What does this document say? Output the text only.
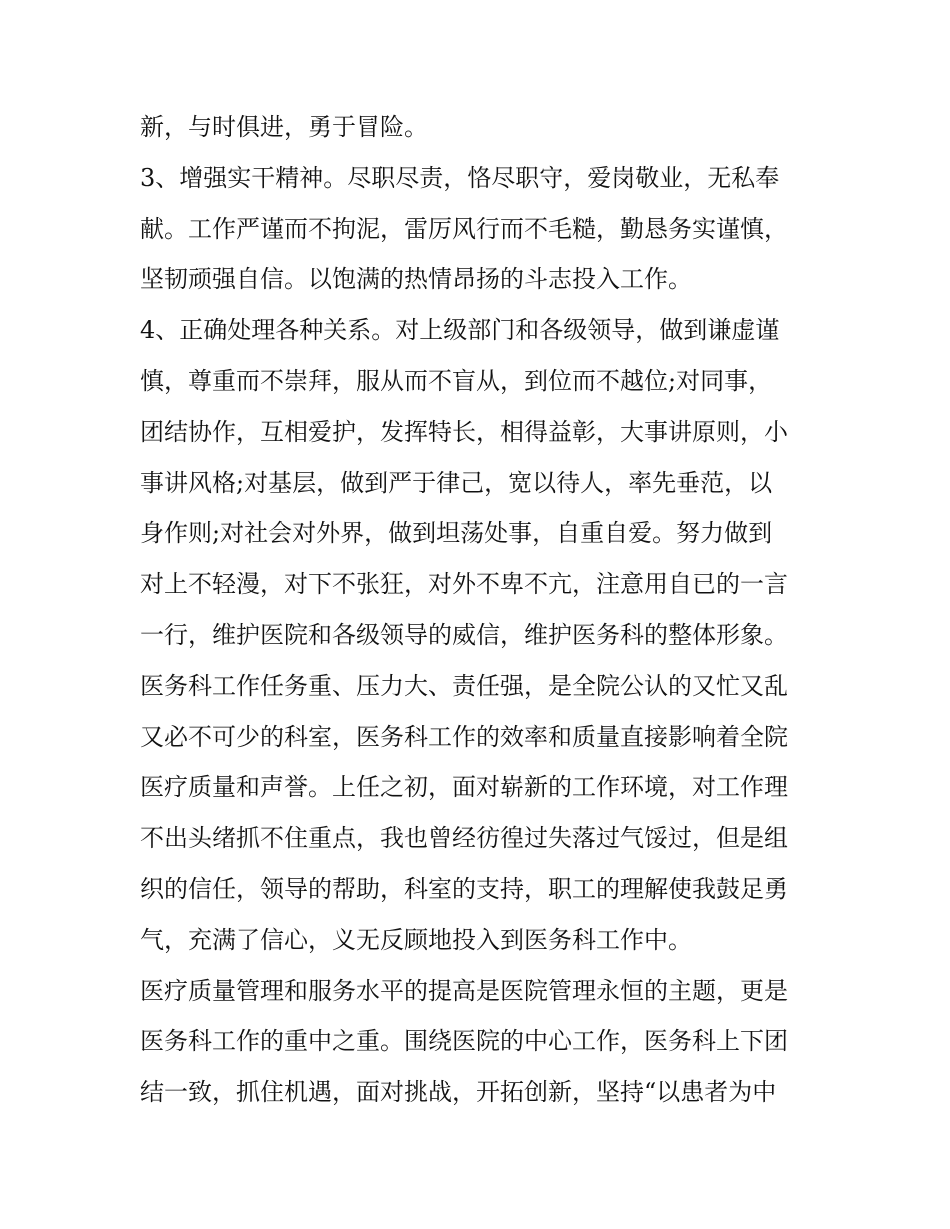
新，与时俱进，勇于冒险。
3、增强实干精神。尽职尽责，恪尽职守，爱岗敬业，无私奉
献。工作严谨而不拘泥，雷厉风行而不毛糙，勤恳务实谨慎，
坚韧顽强自信。以饱满的热情昂扬的斗志投入工作。
4、正确处理各种关系。对上级部门和各级领导，做到谦虚谨
慎，尊重而不崇拜，服从而不盲从，到位而不越位;对同事，
团结协作，互相爱护，发挥特长，相得益彰，大事讲原则，小
事讲风格;对基层，做到严于律己，宽以待人，率先垂范，以
身作则;对社会对外界，做到坦荡处事，自重自爱。努力做到
对上不轻漫，对下不张狂，对外不卑不亢，注意用自已的一言
一行，维护医院和各级领导的威信，维护医务科的整体形象。
医务科工作任务重、压力大、责任强，是全院公认的又忙又乱
又必不可少的科室，医务科工作的效率和质量直接影响着全院
医疗质量和声誉。上任之初，面对崭新的工作环境，对工作理
不出头绪抓不住重点，我也曾经彷徨过失落过气馁过，但是组
织的信任，领导的帮助，科室的支持，职工的理解使我鼓足勇
气，充满了信心，义无反顾地投入到医务科工作中。
医疗质量管理和服务水平的提高是医院管理永恒的主题，更是
医务科工作的重中之重。围绕医院的中心工作，医务科上下团
结一致，抓住机遇，面对挑战，开拓创新，坚持“以患者为中
